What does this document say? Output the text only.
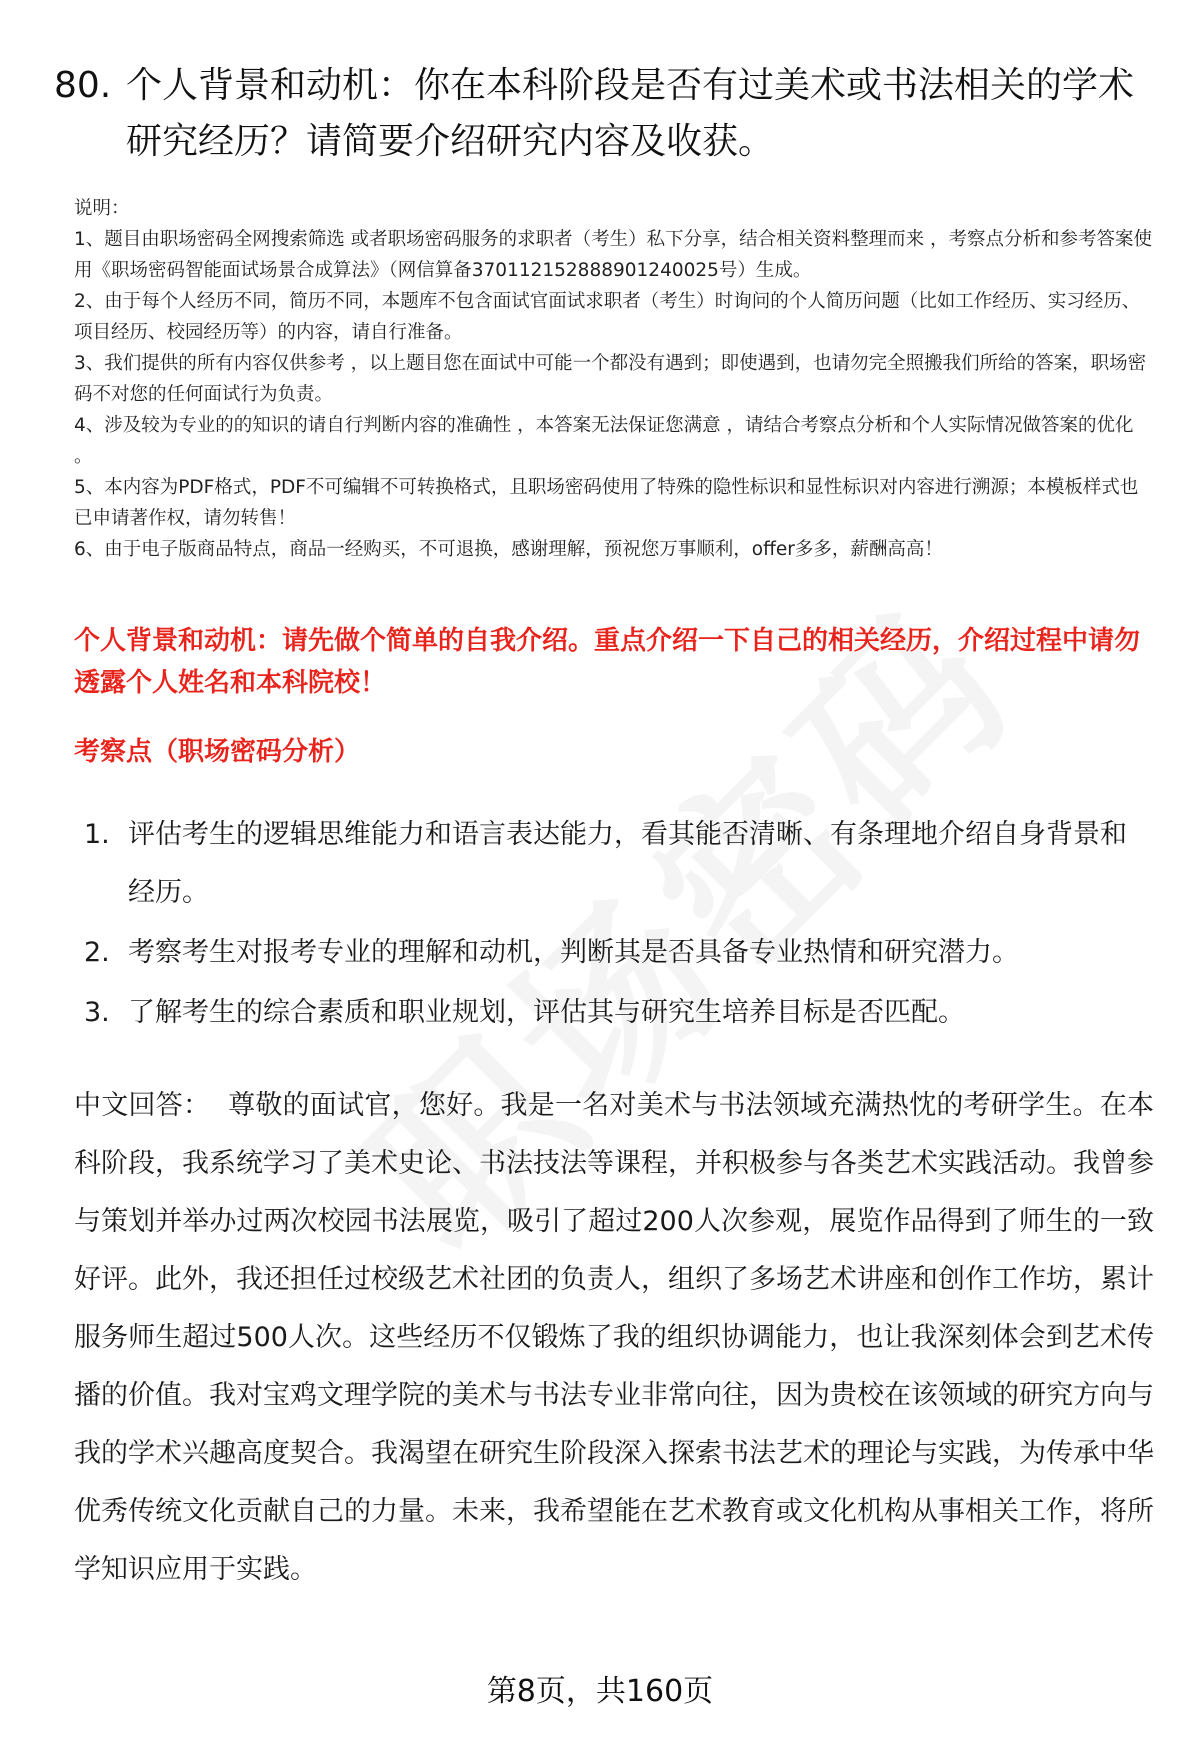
80. 个人背景和动机：你在本科阶段是否有过美术或书法相关的学术研究经历？请简要介绍研究内容及收获。

说明：

1、题目由职场密码全网搜索筛选 或者职场密码服务的求职者（考生）私下分享，结合相关资料整理而来 ，考察点分析和参考答案使用《职场密码智能面试场景合成算法》（网信算备370112152888901240025号）生成。

2、由于每个人经历不同，简历不同，本题库不包含面试官面试求职者（考生）时询问的个人简历问题（比如工作经历、实习经历、项目经历、校园经历等）的内容，请自行准备。

3、我们提供的所有内容仅供参考 ，以上题目您在面试中可能一个都没有遇到；即使遇到，也请勿完全照搬我们所给的答案，职场密码不对您的任何面试行为负责。

4、涉及较为专业的的知识的请自行判断内容的准确性 ，本答案无法保证您满意 ，请结合考察点分析和个人实际情况做答案的优化 。

5、本内容为PDF格式，PDF不可编辑不可转换格式，且职场密码使用了特殊的隐性标识和显性标识对内容进行溯源；本模板样式也已申请著作权，请勿转售！

6、由于电子版商品特点，商品一经购买，不可退换，感谢理解，预祝您万事顺利，offer多多，薪酬高高！

个人背景和动机：请先做个简单的自我介绍。重点介绍一下自己的相关经历，介绍过程中请勿透露个人姓名和本科院校！
考察点（职场密码分析）
1. 评估考生的逻辑思维能力和语言表达能力，看其能否清晰、有条理地介绍自身背景和经历。
2. 考察考生对报考专业的理解和动机，判断其是否具备专业热情和研究潜力。
3. 了解考生的综合素质和职业规划，评估其与研究生培养目标是否匹配。
中文回答： 尊敬的面试官，您好。我是一名对美术与书法领域充满热忱的考研学生。在本科阶段，我系统学习了美术史论、书法技法等课程，并积极参与各类艺术实践活动。我曾参与策划并举办过两次校园书法展览，吸引了超过200人次参观，展览作品得到了师生的一致好评。此外，我还担任过校级艺术社团的负责人，组织了多场艺术讲座和创作工作坊，累计服务师生超过500人次。这些经历不仅锻炼了我的组织协调能力，也让我深刻体会到艺术传播的价值。我对宝鸡文理学院的美术与书法专业非常向往，因为贵校在该领域的研究方向与我的学术兴趣高度契合。我渴望在研究生阶段深入探索书法艺术的理论与实践，为传承中华优秀传统文化贡献自己的力量。未来，我希望能在艺术教育或文化机构从事相关工作，将所学知识应用于实践。
第8页，共160页
